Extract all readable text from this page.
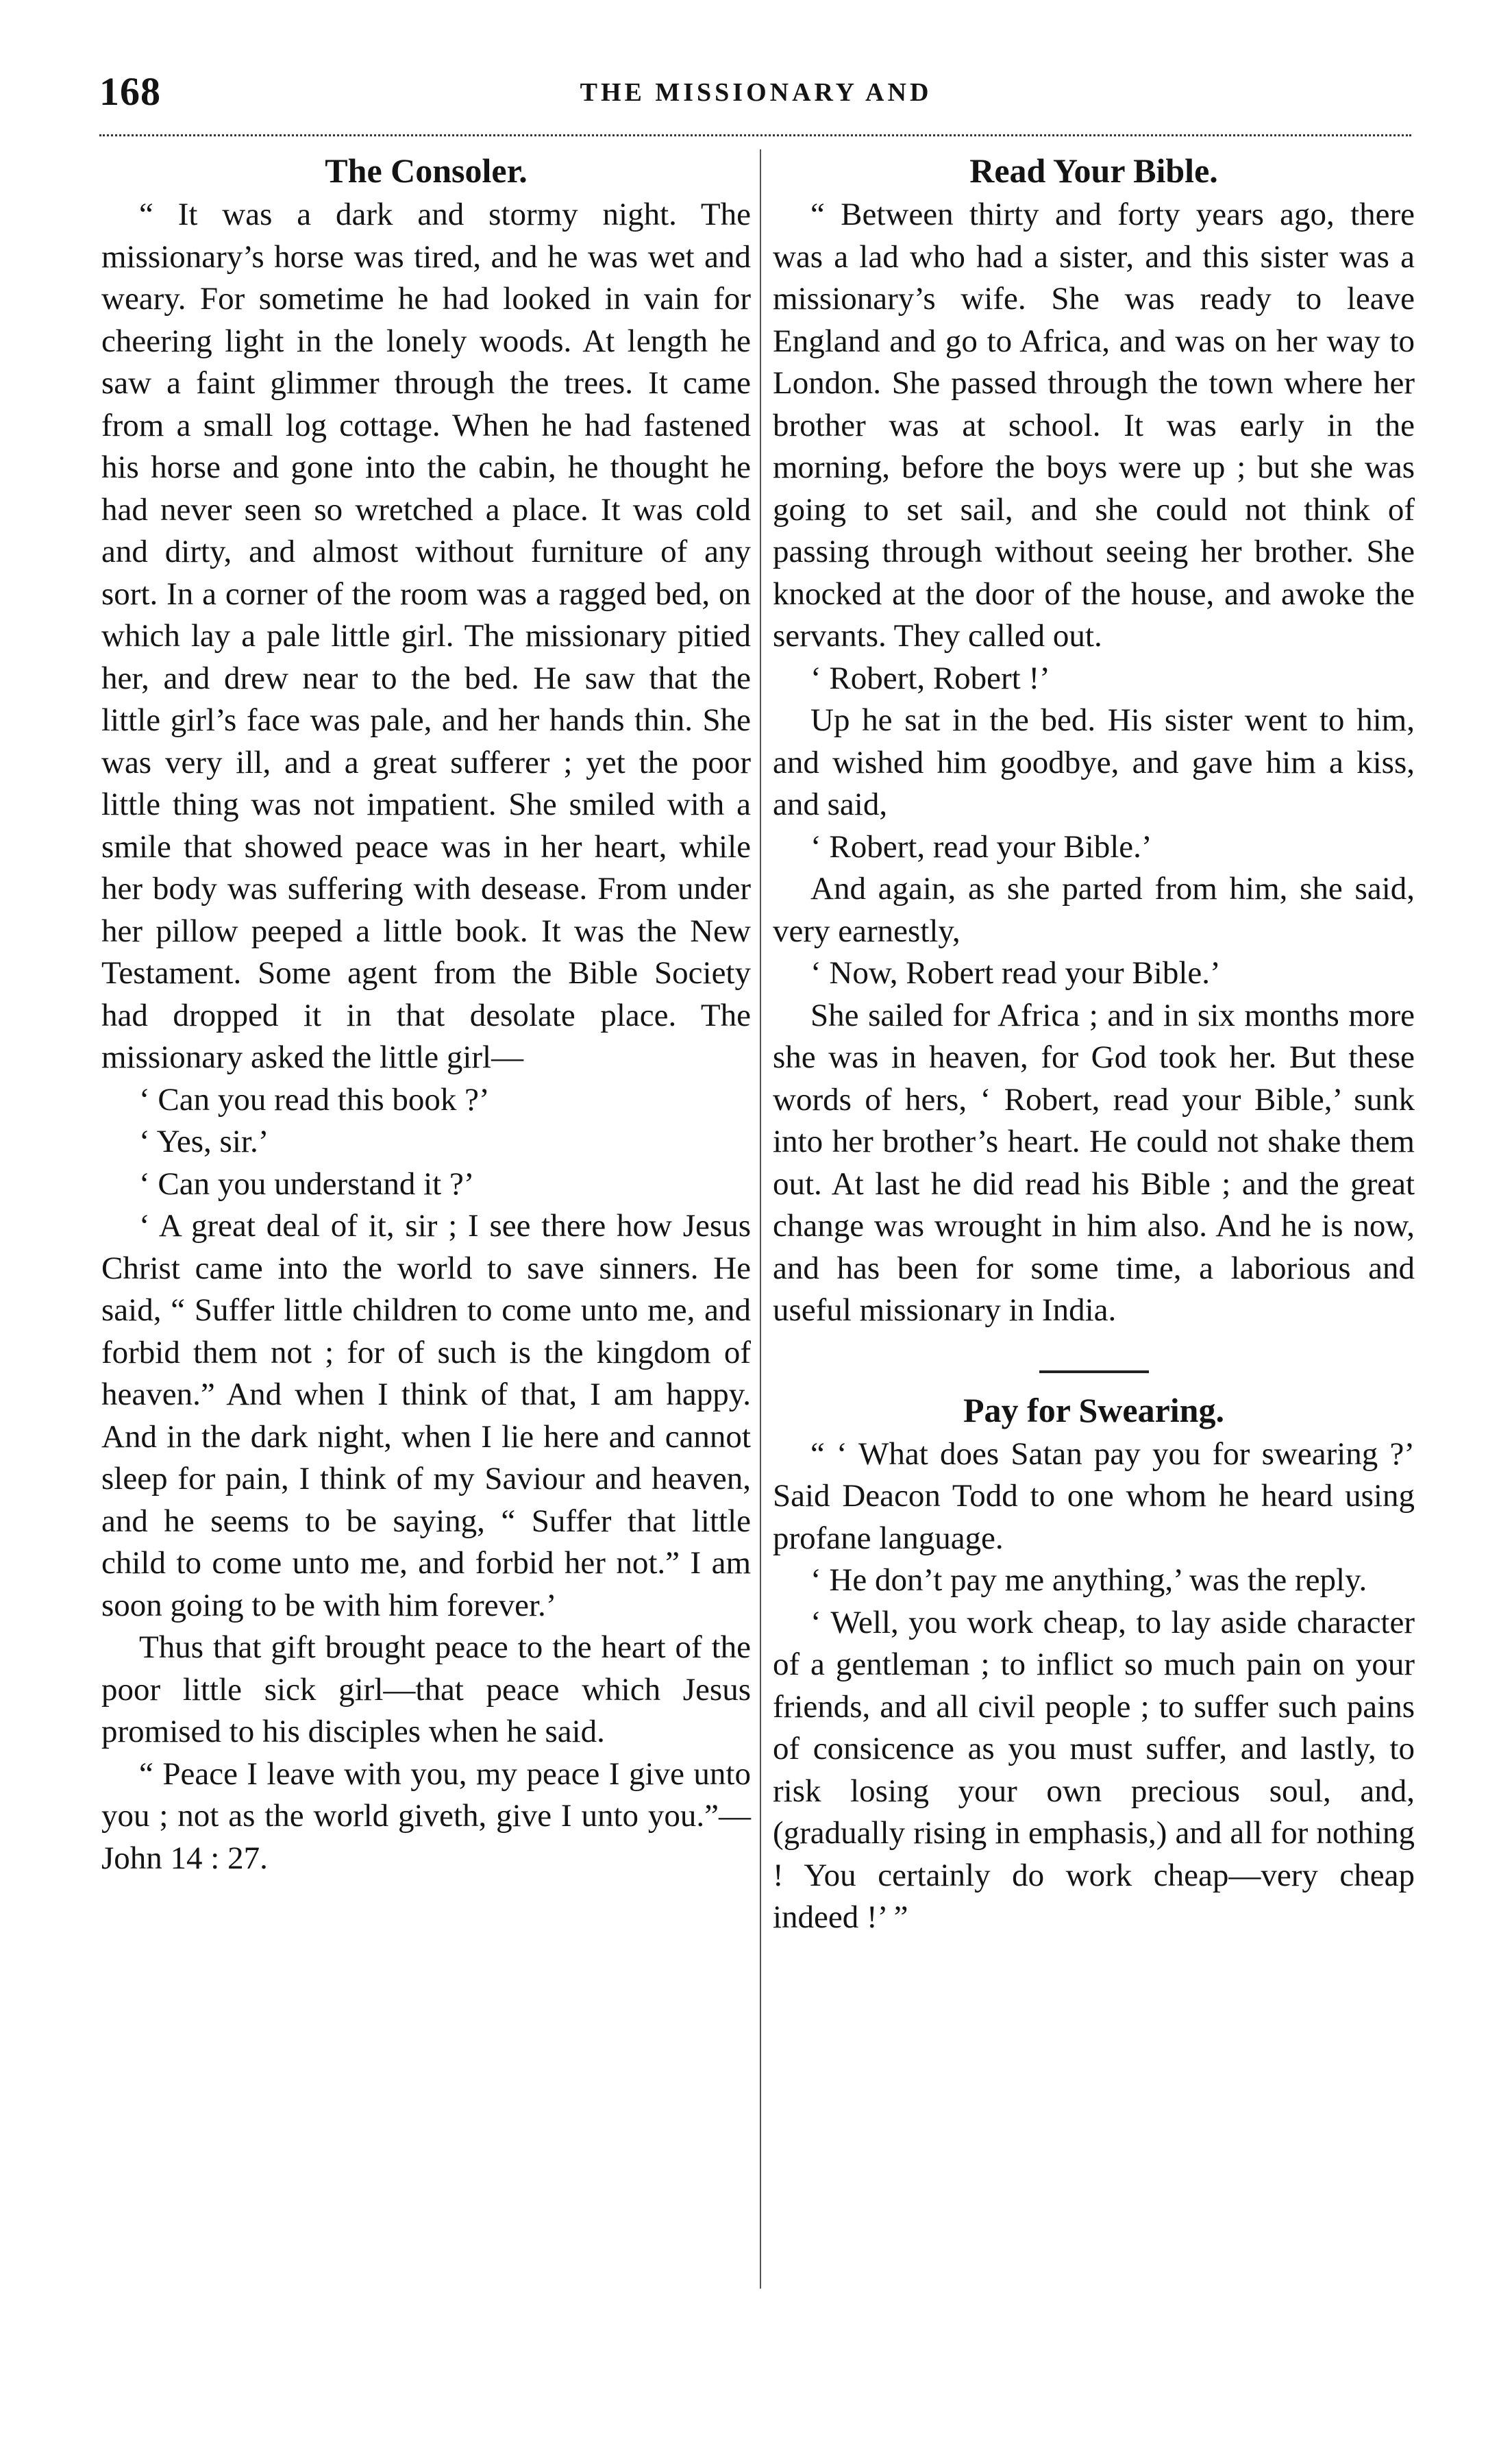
168	THE MISSIONARY AND
The Consoler.

“ It was a dark and stormy night. The missionary’s horse was tired, and he was wet and weary. For sometime he had looked in vain for cheering light in the lonely woods. At length he saw a faint glimmer through the trees. It came from a small log cottage. When he had fastened his horse and gone into the cabin, he thought he had never seen so wretched a place. It was cold and dirty, and almost without furniture of any sort. In a corner of the room was a ragged bed, on which lay a pale little girl. The missionary pitied her, and drew near to the bed. He saw that the little girl’s face was pale, and her hands thin. She was very ill, and a great sufferer ; yet the poor little thing was not impatient. She smiled with a smile that showed peace was in her heart, while her body was suffering with desease. From under her pillow peeped a little book. It was the New Testament. Some agent from the Bible Society had dropped it in that desolate place. The missionary asked the little girl—

‘ Can you read this book ?’

‘ Yes, sir.’

‘ Can you understand it ?’

‘ A great deal of it, sir ; I see there how Jesus Christ came into the world to save sinners. He said, “ Suffer little children to come unto me, and forbid them not ; for of such is the kingdom of heaven.” And when I think of that, I am happy. And in the dark night, when I lie here and cannot sleep for pain, I think of my Saviour and heaven, and he seems to be saying, “ Suffer that little child to come unto me, and forbid her not.” I am soon going to be with him forever.’

Thus that gift brought peace to the heart of the poor little sick girl—that peace which Jesus promised to his disciples when he said.

“ Peace I leave with you, my peace I give unto you ; not as the world giveth, give I unto you.”—John 14 : 27.

Read Your Bible.

“ Between thirty and forty years ago, there was a lad who had a sister, and this sister was a missionary’s wife. She was ready to leave England and go to Africa, and was on her way to London. She passed through the town where her brother was at school. It was early in the morning, before the boys were up ; but she was going to set sail, and she could not think of passing through without seeing her brother. She knocked at the door of the house, and awoke the servants. They called out.

‘ Robert, Robert !’

Up he sat in the bed. His sister went to him, and wished him goodbye, and gave him a kiss, and said,

‘ Robert, read your Bible.’

And again, as she parted from him, she said, very earnestly,

‘ Now, Robert read your Bible.’

She sailed for Africa ; and in six months more she was in heaven, for God took her. But these words of hers, ‘ Robert, read your Bible,’ sunk into her brother’s heart. He could not shake them out. At last he did read his Bible ; and the great change was wrought in him also. And he is now, and has been for some time, a laborious and useful missionary in India.

Pay for Swearing.

“ ‘ What does Satan pay you for swearing ?’ Said Deacon Todd to one whom he heard using profane language.

‘ He don’t pay me anything,’ was the reply.

‘ Well, you work cheap, to lay aside character of a gentleman ; to inflict so much pain on your friends, and all civil people ; to suffer such pains of consicence as you must suffer, and lastly, to risk losing your own precious soul, and, (gradually rising in emphasis,) and all for nothing ! You certainly do work cheap—very cheap indeed !’ ”
